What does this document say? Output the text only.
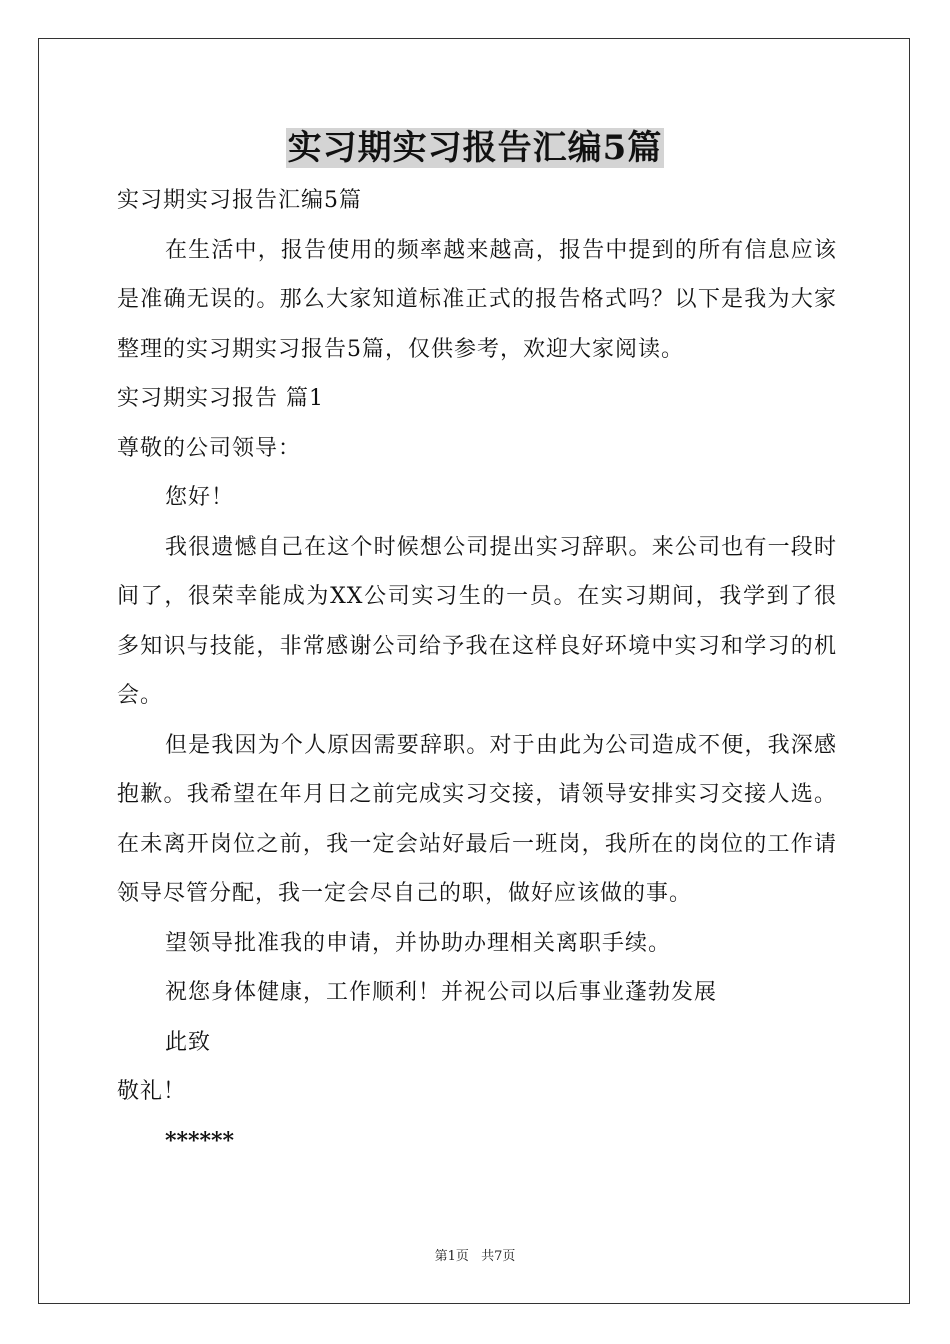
实习期实习报告汇编5篇

实习期实习报告汇编5篇

在生活中，报告使用的频率越来越高，报告中提到的所有信息应该是准确无误的。那么大家知道标准正式的报告格式吗？以下是我为大家整理的实习期实习报告5篇，仅供参考，欢迎大家阅读。

实习期实习报告 篇1

尊敬的公司领导：

您好！

我很遗憾自己在这个时候想公司提出实习辞职。来公司也有一段时间了，很荣幸能成为XX公司实习生的一员。在实习期间，我学到了很多知识与技能，非常感谢公司给予我在这样良好环境中实习和学习的机会。

但是我因为个人原因需要辞职。对于由此为公司造成不便，我深感抱歉。我希望在年月日之前完成实习交接，请领导安排实习交接人选。在未离开岗位之前，我一定会站好最后一班岗，我所在的岗位的工作请领导尽管分配，我一定会尽自己的职，做好应该做的事。

望领导批准我的申请，并协助办理相关离职手续。

祝您身体健康，工作顺利！并祝公司以后事业蓬勃发展

此致

敬礼！

******

第1页 共7页
